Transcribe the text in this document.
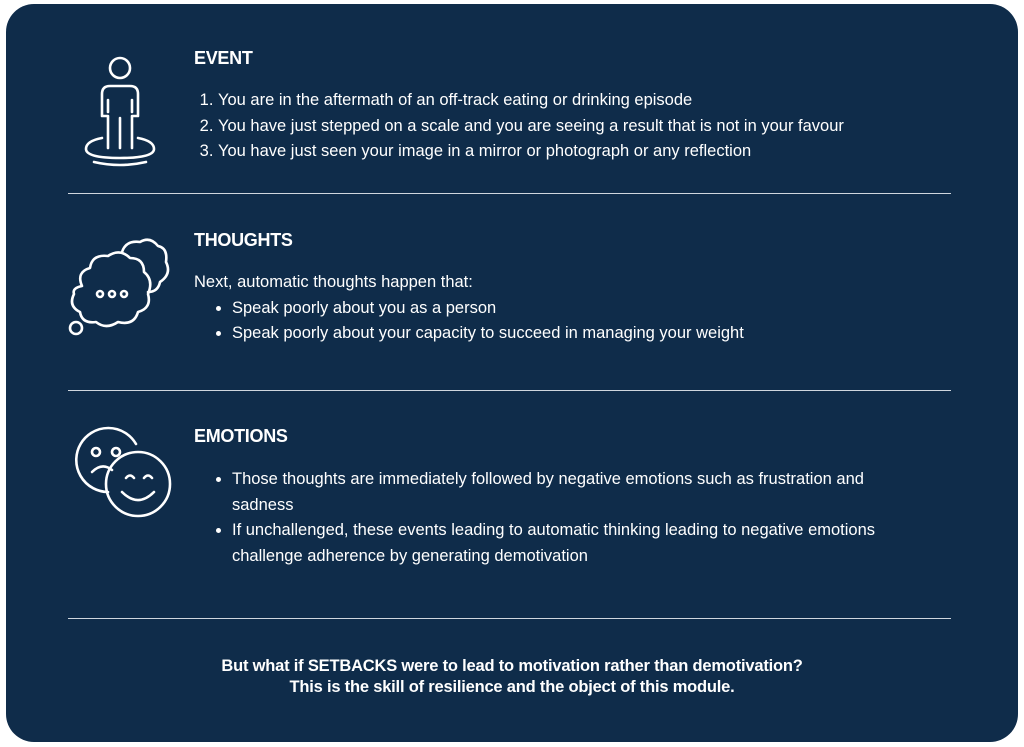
EVENT
1. You are in the aftermath of an off-track eating or drinking episode
2. You have just stepped on a scale and you are seeing a result that is not in your favour
3. You have just seen your image in a mirror or photograph or any reflection
THOUGHTS
Next, automatic thoughts happen that:
• Speak poorly about you as a person
• Speak poorly about your capacity to succeed in managing your weight
EMOTIONS
• Those thoughts are immediately followed by negative emotions such as frustration and sadness
• If unchallenged, these events leading to automatic thinking leading to negative emotions challenge adherence by generating demotivation
But what if SETBACKS were to lead to motivation rather than demotivation?
This is the skill of resilience and the object of this module.
